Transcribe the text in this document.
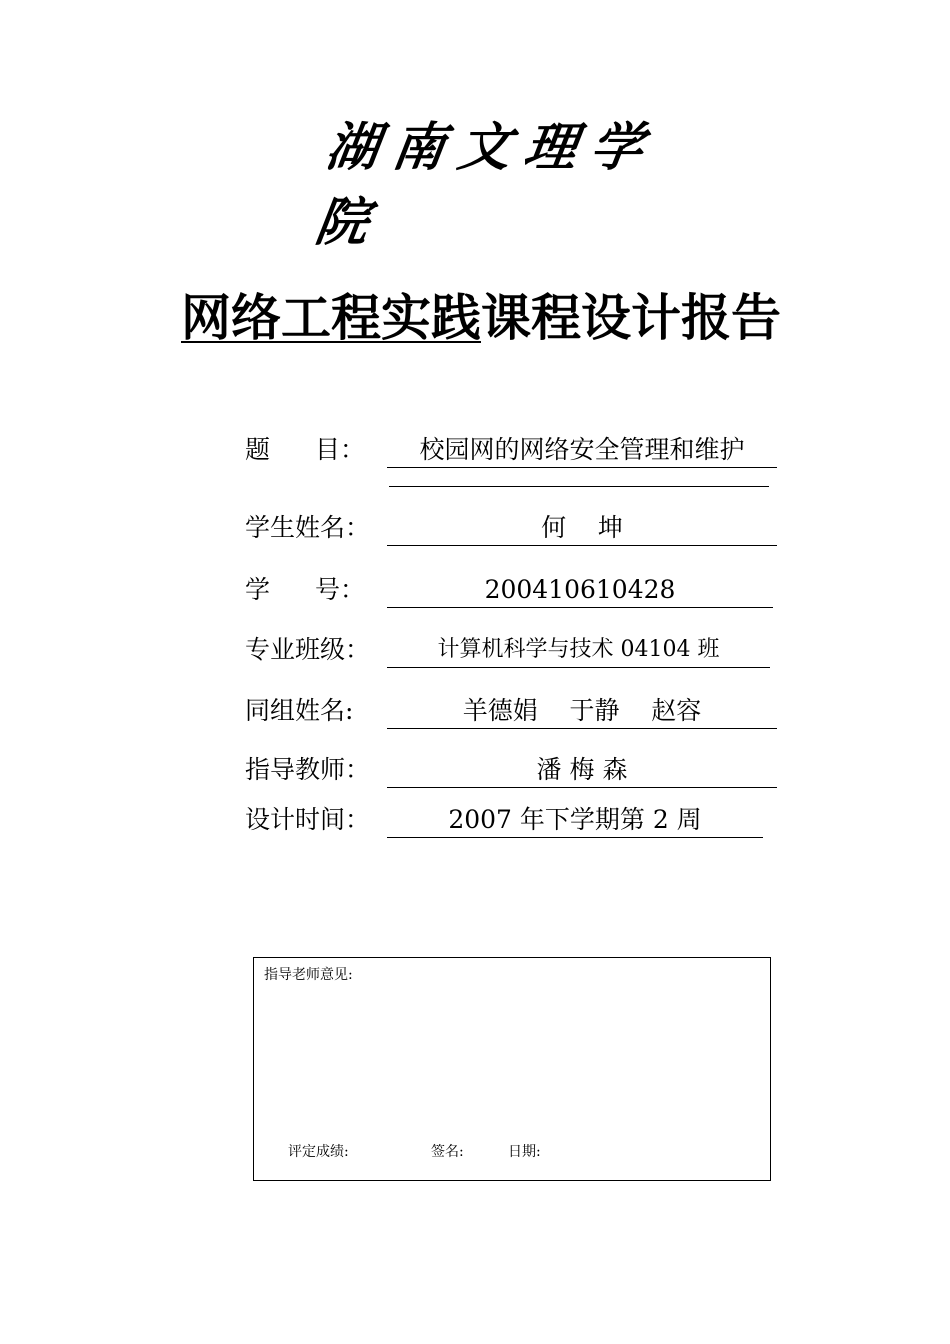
湖南文理学院
网络工程实践课程设计报告
题 目：	校园网的网络安全管理和维护
学生姓名：	何    坤
学 号：	200410610428
专业班级：	计算机科学与技术 04104 班
同组姓名:	羊德娟    于静    赵容
指导教师：	潘 梅 森
设计时间：	2007 年下学期第 2 周
指导老师意见:
评定成绩:	签名:	日期:
